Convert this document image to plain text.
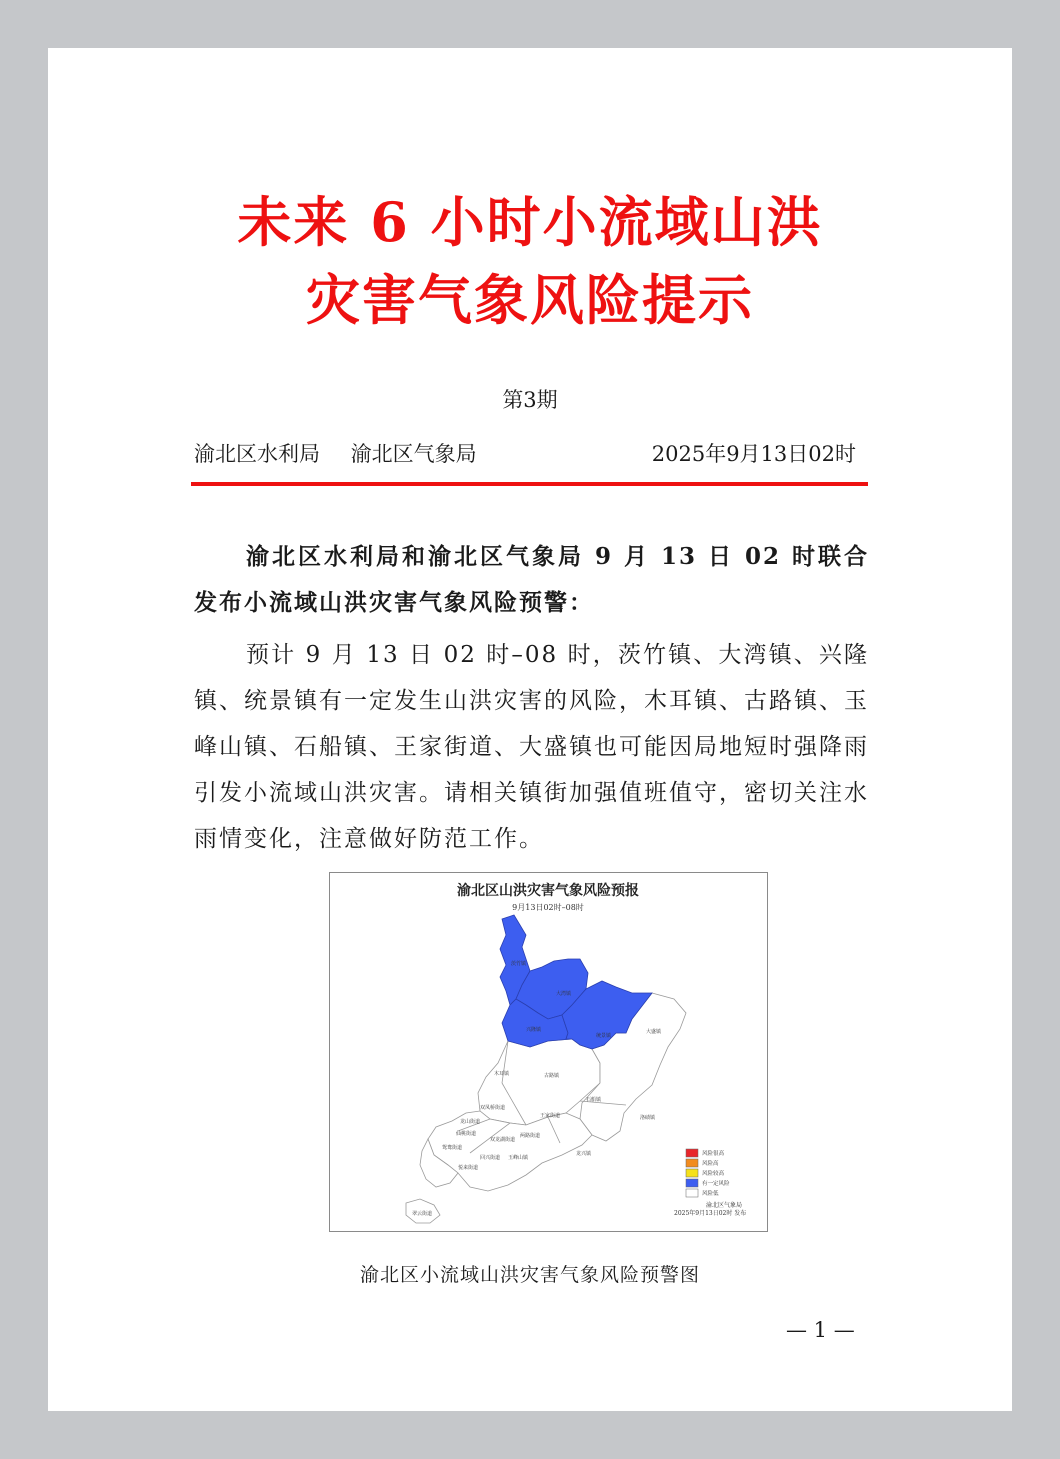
未来 6 小时小流域山洪
灾害气象风险提示
第3期
渝北区水利局 渝北区气象局	2025年9月13日02时

渝北区水利局和渝北区气象局 9 月 13 日 02 时联合发布小流域山洪灾害气象风险预警：

预计 9 月 13 日 02 时–08 时，茨竹镇、大湾镇、兴隆镇、统景镇有一定发生山洪灾害的风险，木耳镇、古路镇、玉峰山镇、石船镇、王家街道、大盛镇也可能因局地短时强降雨引发小流域山洪灾害。请相关镇街加强值班值守，密切关注水雨情变化，注意做好防范工作。

渝北区山洪灾害气象风险预报
9月13日02时–08时
茨竹镇
大湾镇
兴隆镇
统景镇
大盛镇
木耳镇	古路镇
石船镇
洛碛镇
王家街道
玉峰山镇
龙兴镇
两路街道
双凤桥街道
双龙湖街道
仙桃街道
回兴街道
龙山街道
悦来街道
鸳鸯街道
翠云街道
风险很高
风险高
风险较高
有一定风险
风险低
渝北区气象局
2025年9月13日02时 发布
渝北区小流域山洪灾害气象风险预警图
— 1 —
